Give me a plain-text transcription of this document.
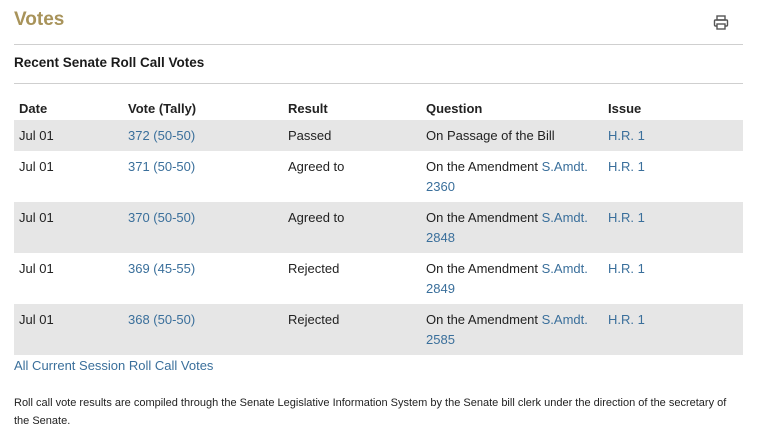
Votes
Recent Senate Roll Call Votes
Date	Vote (Tally)	Result	Question	Issue
Jul 01	372 (50-50)	Passed	On Passage of the Bill	H.R. 1
Jul 01	371 (50-50)	Agreed to	On the Amendment S.Amdt. 2360	H.R. 1
Jul 01	370 (50-50)	Agreed to	On the Amendment S.Amdt. 2848	H.R. 1
Jul 01	369 (45-55)	Rejected	On the Amendment S.Amdt. 2849	H.R. 1
Jul 01	368 (50-50)	Rejected	On the Amendment S.Amdt. 2585	H.R. 1
All Current Session Roll Call Votes
Roll call vote results are compiled through the Senate Legislative Information System by the Senate bill clerk under the direction of the secretary of the Senate.
